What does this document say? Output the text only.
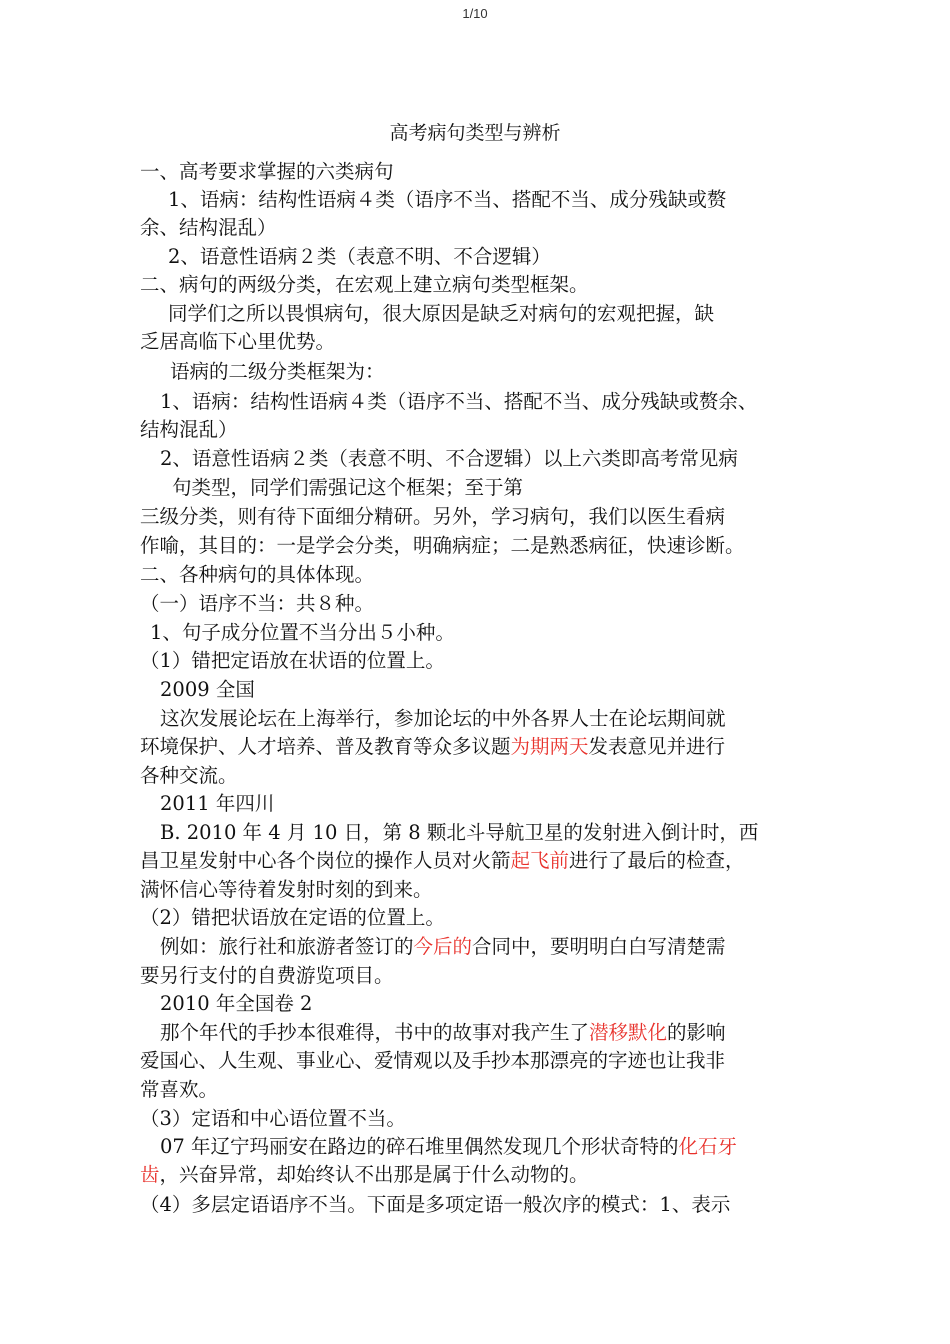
1/10
高考病句类型与辨析
一、高考要求掌握的六类病句
1、语病：结构性语病４类（语序不当、搭配不当、成分残缺或赘
余、结构混乱）
2、语意性语病２类（表意不明、不合逻辑）
二、病句的两级分类，在宏观上建立病句类型框架。
同学们之所以畏惧病句，很大原因是缺乏对病句的宏观把握，缺
乏居高临下心里优势。
语病的二级分类框架为：
1、语病：结构性语病４类（语序不当、搭配不当、成分残缺或赘余、
结构混乱）
2、语意性语病２类（表意不明、不合逻辑）以上六类即高考常见病
句类型，同学们需强记这个框架；至于第
三级分类，则有待下面细分精研。另外，学习病句，我们以医生看病
作喻，其目的：一是学会分类，明确病症；二是熟悉病征，快速诊断。
二、各种病句的具体体现。
（一）语序不当：共８种。
1、句子成分位置不当分出５小种。
（1）错把定语放在状语的位置上。
2009 全国
这次发展论坛在上海举行，参加论坛的中外各界人士在论坛期间就
环境保护、人才培养、普及教育等众多议题为期两天发表意见并进行
各种交流。
2011 年四川
B. 2010 年 4 月 10 日，第 8 颗北斗导航卫星的发射进入倒计时，西
昌卫星发射中心各个岗位的操作人员对火箭起飞前进行了最后的检查，
满怀信心等待着发射时刻的到来。
（2）错把状语放在定语的位置上。
例如：旅行社和旅游者签订的今后的合同中，要明明白白写清楚需
要另行支付的自费游览项目。
2010 年全国卷 2
那个年代的手抄本很难得，书中的故事对我产生了潜移默化的影响
爱国心、人生观、事业心、爱情观以及手抄本那漂亮的字迹也让我非
常喜欢。
（3）定语和中心语位置不当。
07 年辽宁玛丽安在路边的碎石堆里偶然发现几个形状奇特的化石牙
齿，兴奋异常，却始终认不出那是属于什么动物的。
（4）多层定语语序不当。下面是多项定语一般次序的模式：1、表示
